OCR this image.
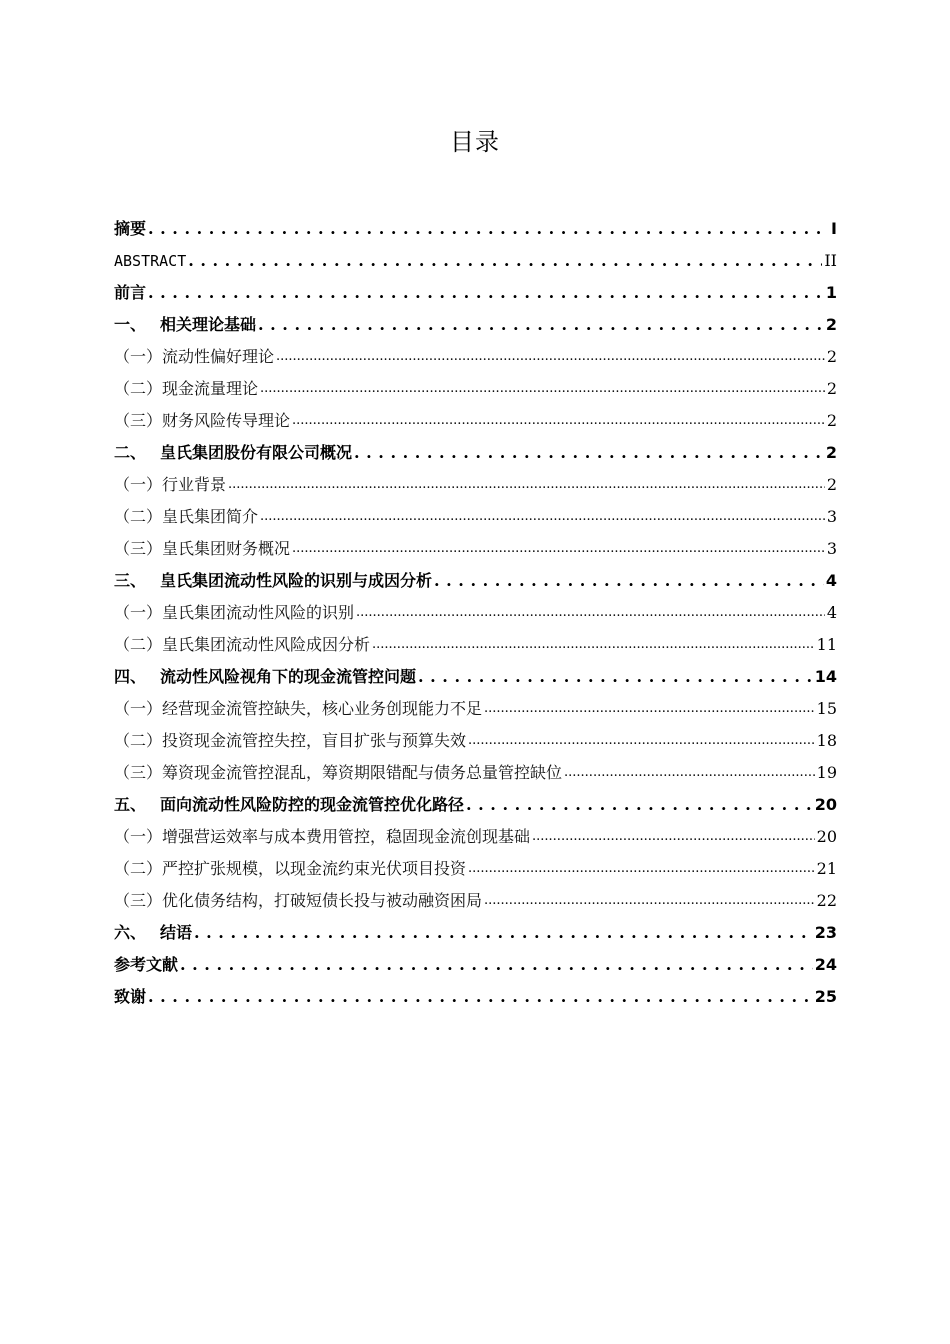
目录
摘要 . . .	I
ABSTRACT . . .	II
前言 . . .	1
一、 相关理论基础 . . .	2
（一）流动性偏好理论 .....	2
（二）现金流量理论 .....	2
（三）财务风险传导理论 .....	2
二、 皇氏集团股份有限公司概况 . . .	2
（一）行业背景 .....	2
（二）皇氏集团简介 .....	3
（三）皇氏集团财务概况 .....	3
三、 皇氏集团流动性风险的识别与成因分析 . . .	4
（一）皇氏集团流动性风险的识别 .....	4
（二）皇氏集团流动性风险成因分析 .....	11
四、 流动性风险视角下的现金流管控问题 . . .	14
（一）经营现金流管控缺失，核心业务创现能力不足 .....	15
（二）投资现金流管控失控，盲目扩张与预算失效 .....	18
（三）筹资现金流管控混乱，筹资期限错配与债务总量管控缺位 .....	19
五、 面向流动性风险防控的现金流管控优化路径 . . .	20
（一）增强营运效率与成本费用管控，稳固现金流创现基础 .....	20
（二）严控扩张规模，以现金流约束光伏项目投资 .....	21
（三）优化债务结构，打破短债长投与被动融资困局 .....	22
六、 结语 . . .	23
参考文献 . . .	24
致谢 . . .	25
